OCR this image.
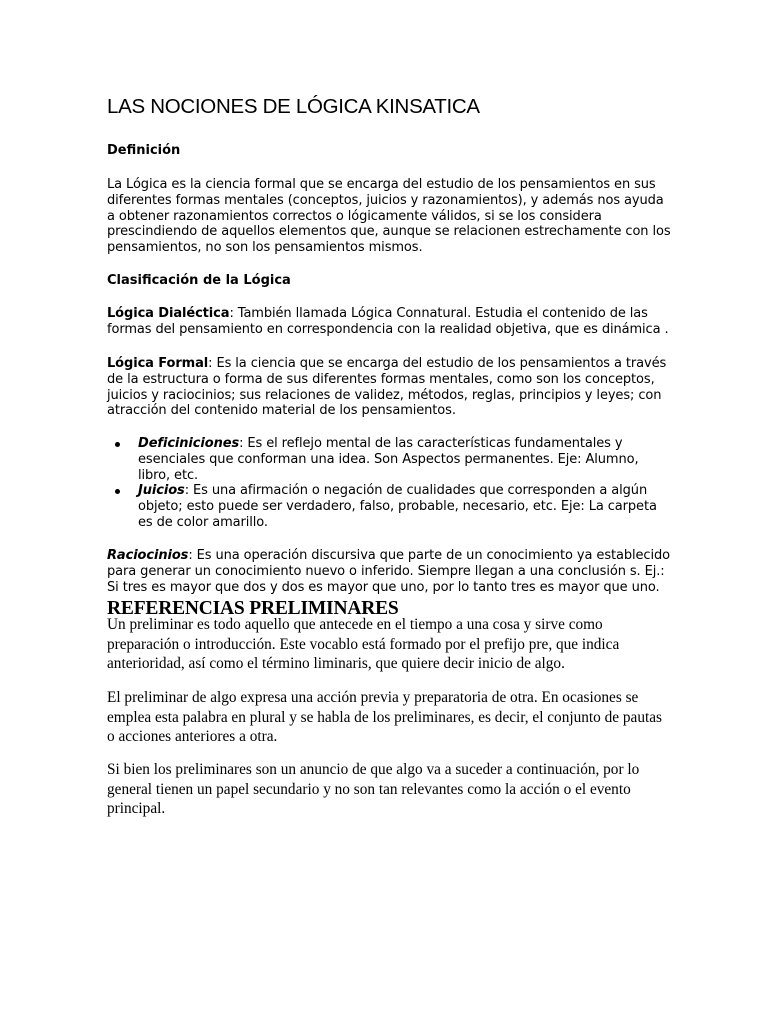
LAS NOCIONES DE LÓGICA KINSATICA
Definición
La Lógica es la ciencia formal que se encarga del estudio de los pensamientos en sus
diferentes formas mentales (conceptos, juicios y razonamientos), y además nos ayuda
a obtener razonamientos correctos o lógicamente válidos, si se los considera
prescindiendo de aquellos elementos que, aunque se relacionen estrechamente con los
pensamientos, no son los pensamientos mismos.
Clasificación de la Lógica
Lógica Dialéctica: También llamada Lógica Connatural. Estudia el contenido de las
formas del pensamiento en correspondencia con la realidad objetiva, que es dinámica .
Lógica Formal: Es la ciencia que se encarga del estudio de los pensamientos a través
de la estructura o forma de sus diferentes formas mentales, como son los conceptos,
juicios y raciocinios; sus relaciones de validez, métodos, reglas, principios y leyes; con
atracción del contenido material de los pensamientos.
Deficiniciones: Es el reflejo mental de las características fundamentales y
esenciales que conforman una idea. Son Aspectos permanentes. Eje: Alumno,
libro, etc.
Juicios: Es una afirmación o negación de cualidades que corresponden a algún
objeto; esto puede ser verdadero, falso, probable, necesario, etc. Eje: La carpeta
es de color amarillo.
Raciocinios: Es una operación discursiva que parte de un conocimiento ya establecido
para generar un conocimiento nuevo o inferido. Siempre llegan a una conclusión s. Ej.:
Si tres es mayor que dos y dos es mayor que uno, por lo tanto tres es mayor que uno.
REFERENCIAS PRELIMINARES
Un preliminar es todo aquello que antecede en el tiempo a una cosa y sirve como
preparación o introducción. Este vocablo está formado por el prefijo pre, que indica
anterioridad, así como el término liminaris, que quiere decir inicio de algo.
El preliminar de algo expresa una acción previa y preparatoria de otra. En ocasiones se
emplea esta palabra en plural y se habla de los preliminares, es decir, el conjunto de pautas
o acciones anteriores a otra.
Si bien los preliminares son un anuncio de que algo va a suceder a continuación, por lo
general tienen un papel secundario y no son tan relevantes como la acción o el evento
principal.
